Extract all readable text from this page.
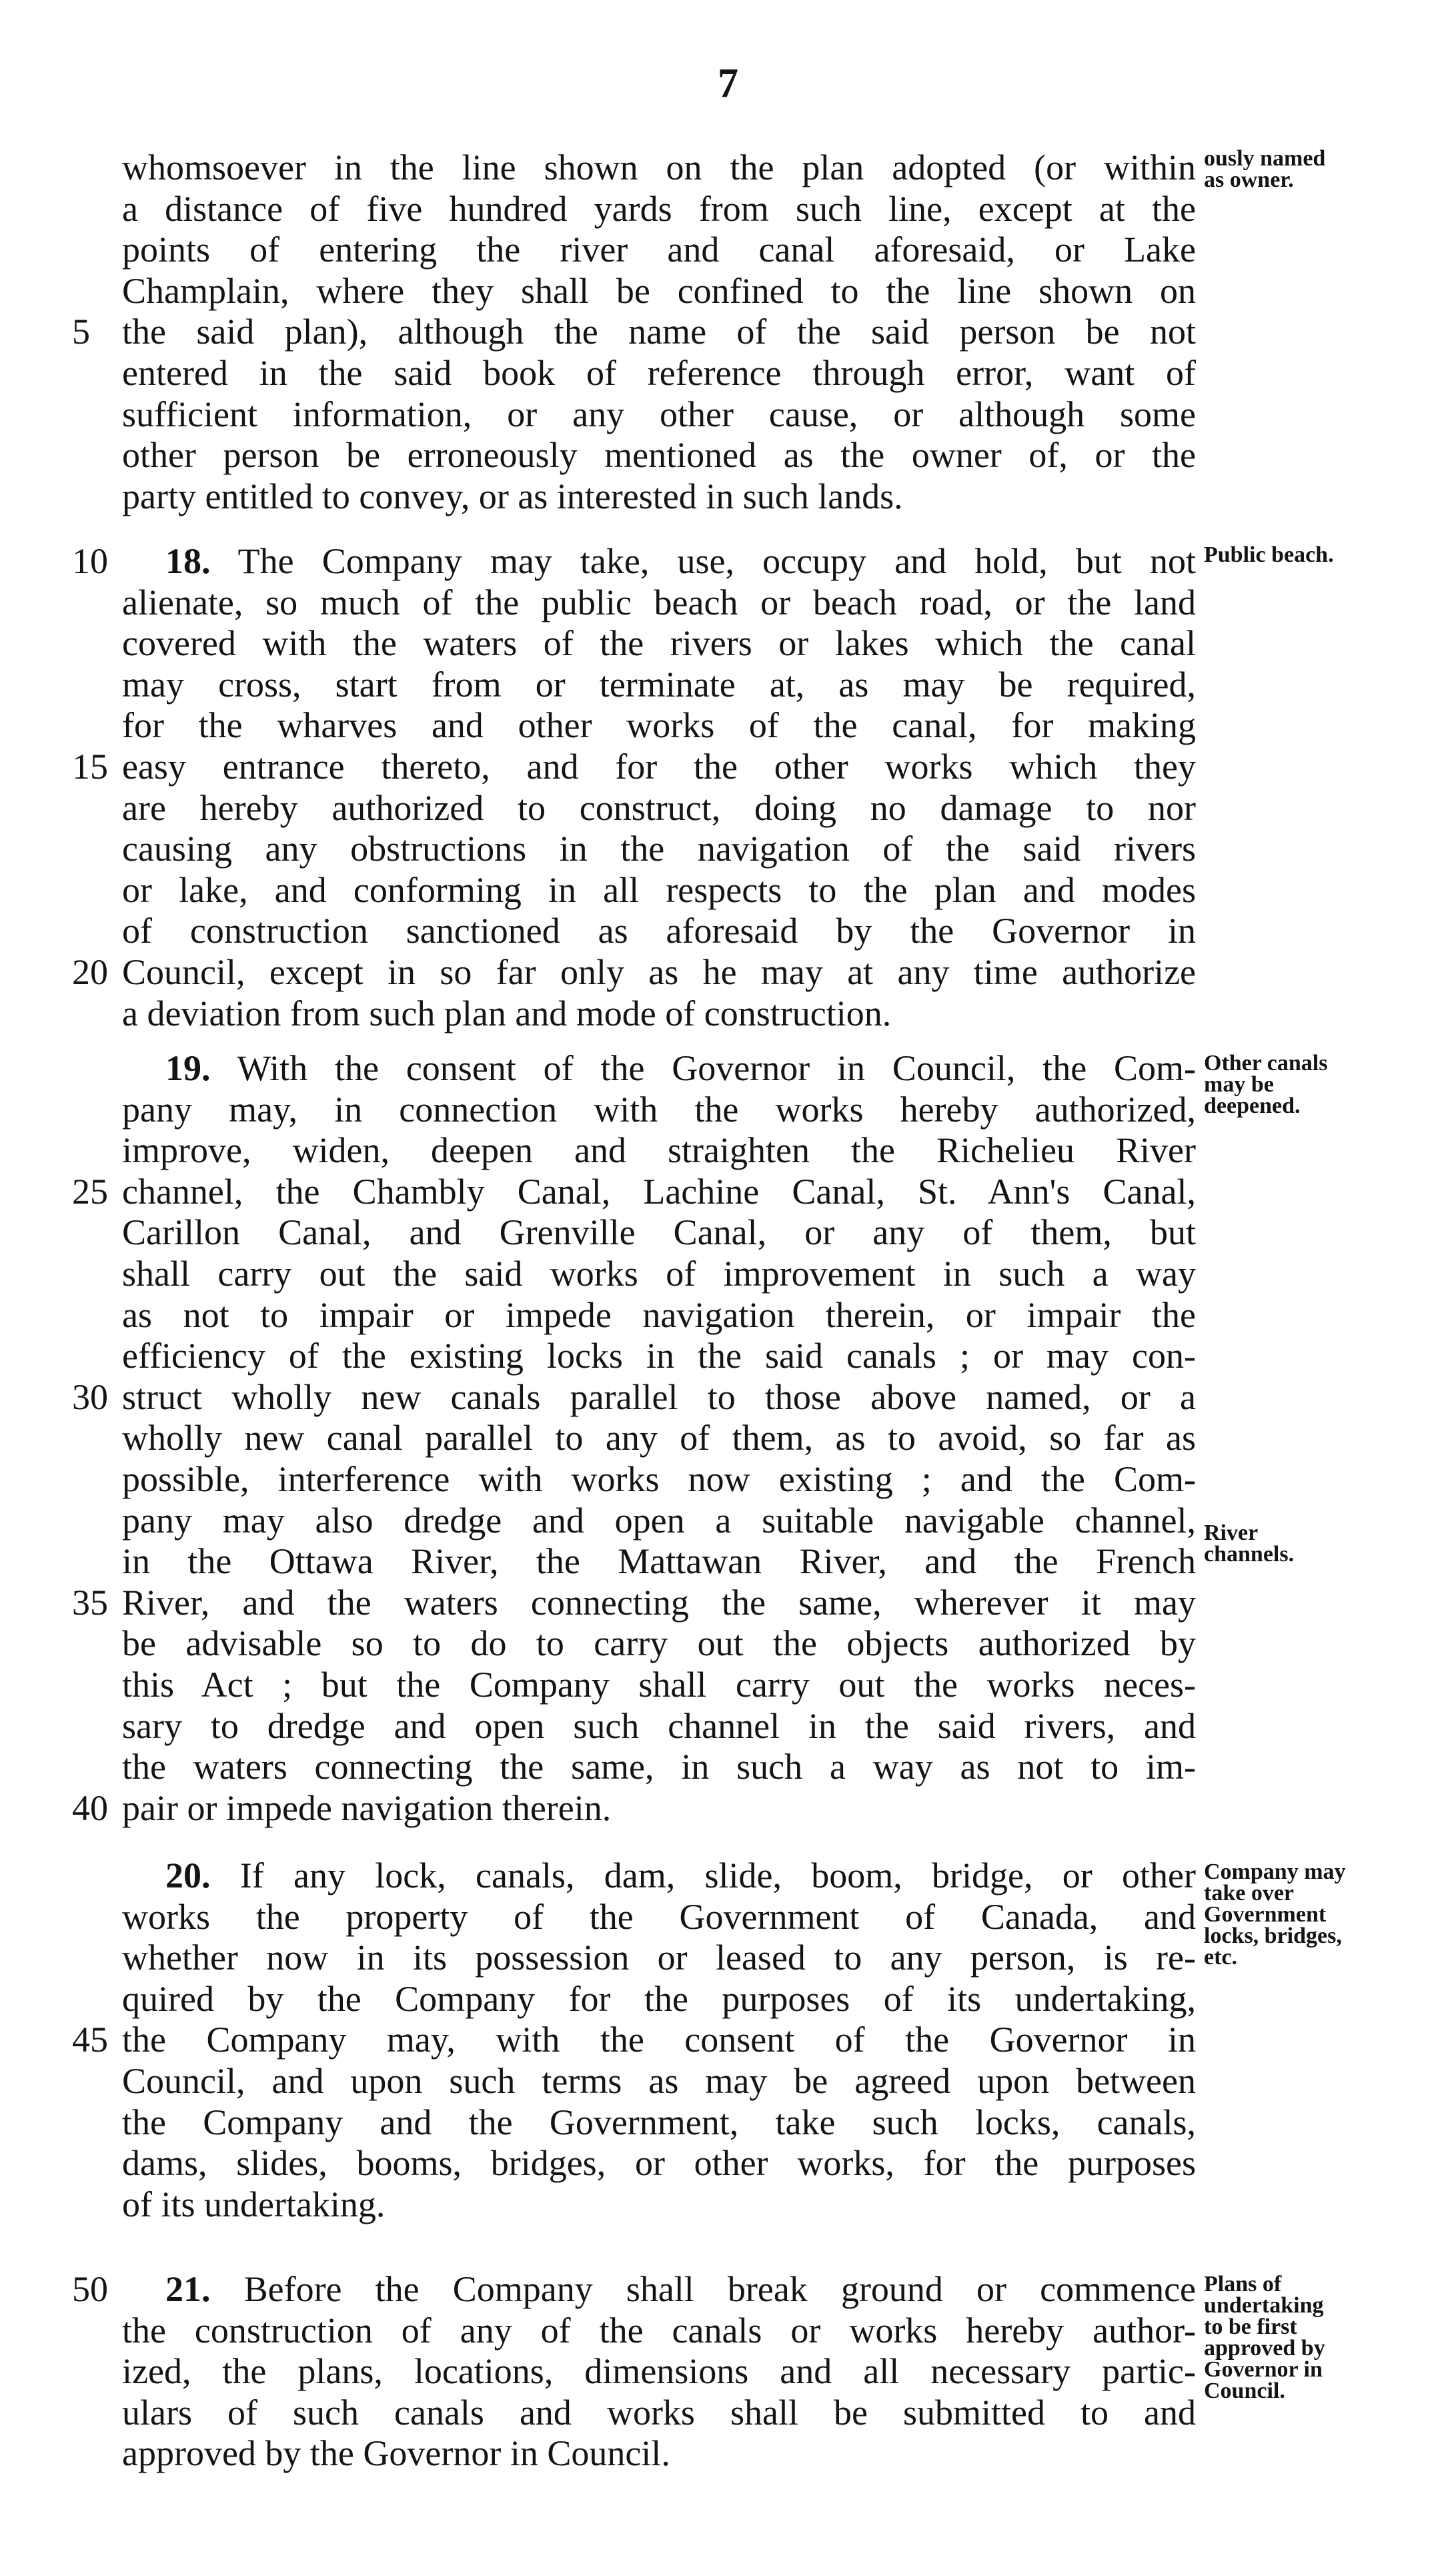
7
whomsoever in the line shown on the plan adopted (or within
a distance of five hundred yards from such line, except at the
points of entering the river and canal aforesaid, or Lake
Champlain, where they shall be confined to the line shown on
the said plan), although the name of the said person be not
entered in the said book of reference through error, want of
sufficient information, or any other cause, or although some
other person be erroneously mentioned as the owner of, or the
party entitled to convey, or as interested in such lands.
18. The Company may take, use, occupy and hold, but not
alienate, so much of the public beach or beach road, or the land
covered with the waters of the rivers or lakes which the canal
may cross, start from or terminate at, as may be required,
for the wharves and other works of the canal, for making
easy entrance thereto, and for the other works which they
are hereby authorized to construct, doing no damage to nor
causing any obstructions in the navigation of the said rivers
or lake, and conforming in all respects to the plan and modes
of construction sanctioned as aforesaid by the Governor in
Council, except in so far only as he may at any time authorize
a deviation from such plan and mode of construction.
19. With the consent of the Governor in Council, the Com-
pany may, in connection with the works hereby authorized,
improve, widen, deepen and straighten the Richelieu River
channel, the Chambly Canal, Lachine Canal, St. Ann's Canal,
Carillon Canal, and Grenville Canal, or any of them, but
shall carry out the said works of improvement in such a way
as not to impair or impede navigation therein, or impair the
efficiency of the existing locks in the said canals ; or may con-
struct wholly new canals parallel to those above named, or a
wholly new canal parallel to any of them, as to avoid, so far as
possible, interference with works now existing ; and the Com-
pany may also dredge and open a suitable navigable channel,
in the Ottawa River, the Mattawan River, and the French
River, and the waters connecting the same, wherever it may
be advisable so to do to carry out the objects authorized by
this Act ; but the Company shall carry out the works neces-
sary to dredge and open such channel in the said rivers, and
the waters connecting the same, in such a way as not to im-
pair or impede navigation therein.
20. If any lock, canals, dam, slide, boom, bridge, or other
works the property of the Government of Canada, and
whether now in its possession or leased to any person, is re-
quired by the Company for the purposes of its undertaking,
the Company may, with the consent of the Governor in
Council, and upon such terms as may be agreed upon between
the Company and the Government, take such locks, canals,
dams, slides, booms, bridges, or other works, for the purposes
of its undertaking.
21. Before the Company shall break ground or commence
the construction of any of the canals or works hereby author-
ized, the plans, locations, dimensions and all necessary partic-
ulars of such canals and works shall be submitted to and
approved by the Governor in Council.
5
10
15
20
25
30
35
40
45
50
ously named
as owner.
Public beach.
Other canals
may be
deepened.
River
channels.
Company may
take over
Government
locks, bridges,
etc.
Plans of
undertaking
to be first
approved by
Governor in
Council.
